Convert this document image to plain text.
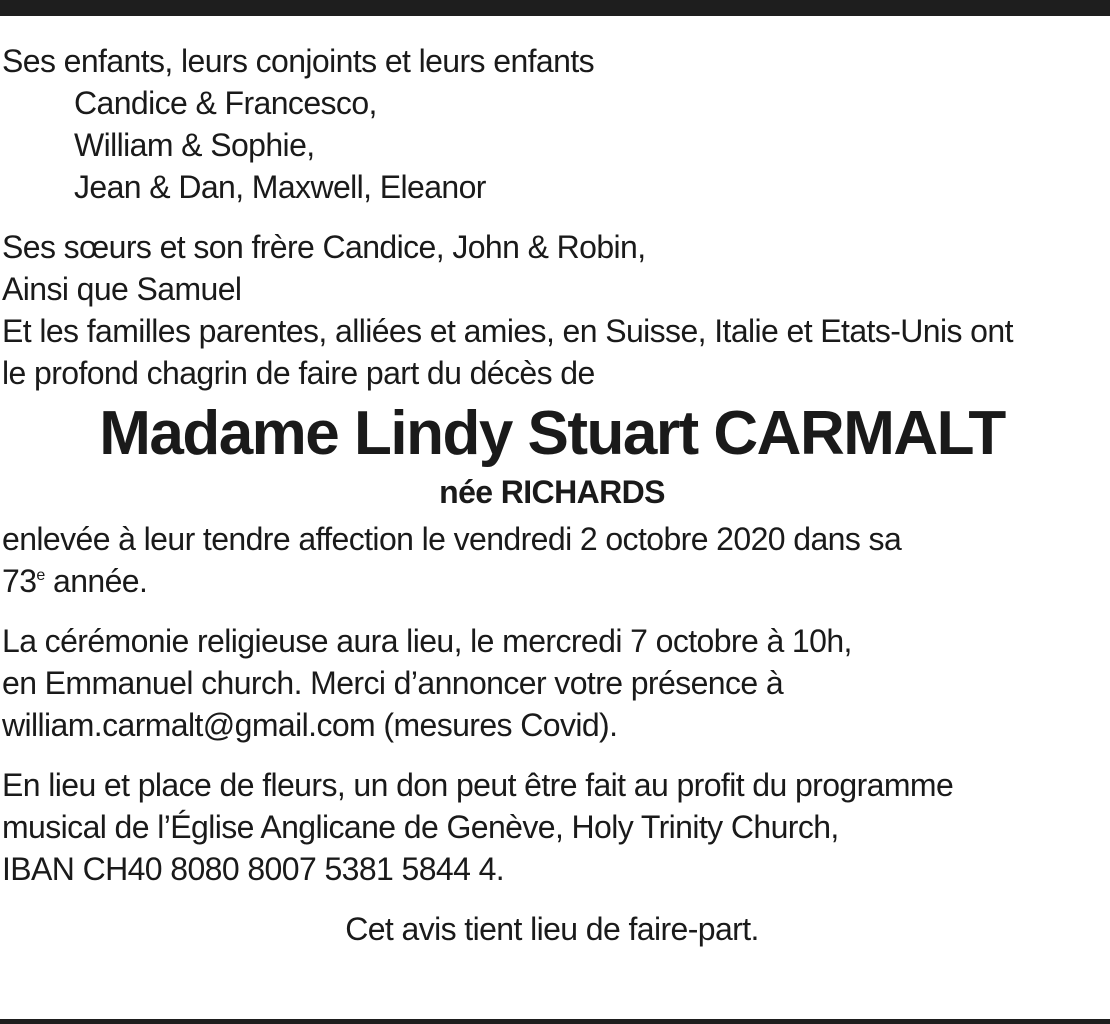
Ses enfants, leurs conjoints et leurs enfants

Candice & Francesco,

William & Sophie,

Jean & Dan, Maxwell, Eleanor

Ses sœurs et son frère Candice, John & Robin,

Ainsi que Samuel

Et les familles parentes, alliées et amies, en Suisse, Italie et Etats-Unis ont

le profond chagrin de faire part du décès de

Madame Lindy Stuart CARMALT
née RICHARDS

enlevée à leur tendre affection le vendredi 2 octobre 2020 dans sa

73e année.

La cérémonie religieuse aura lieu, le mercredi 7 octobre à 10h,

en Emmanuel church. Merci d’annoncer votre présence à

william.carmalt@gmail.com (mesures Covid).

En lieu et place de fleurs, un don peut être fait au profit du programme

musical de l’Église Anglicane de Genève, Holy Trinity Church,

IBAN CH40 8080 8007 5381 5844 4.

Cet avis tient lieu de faire-part.
